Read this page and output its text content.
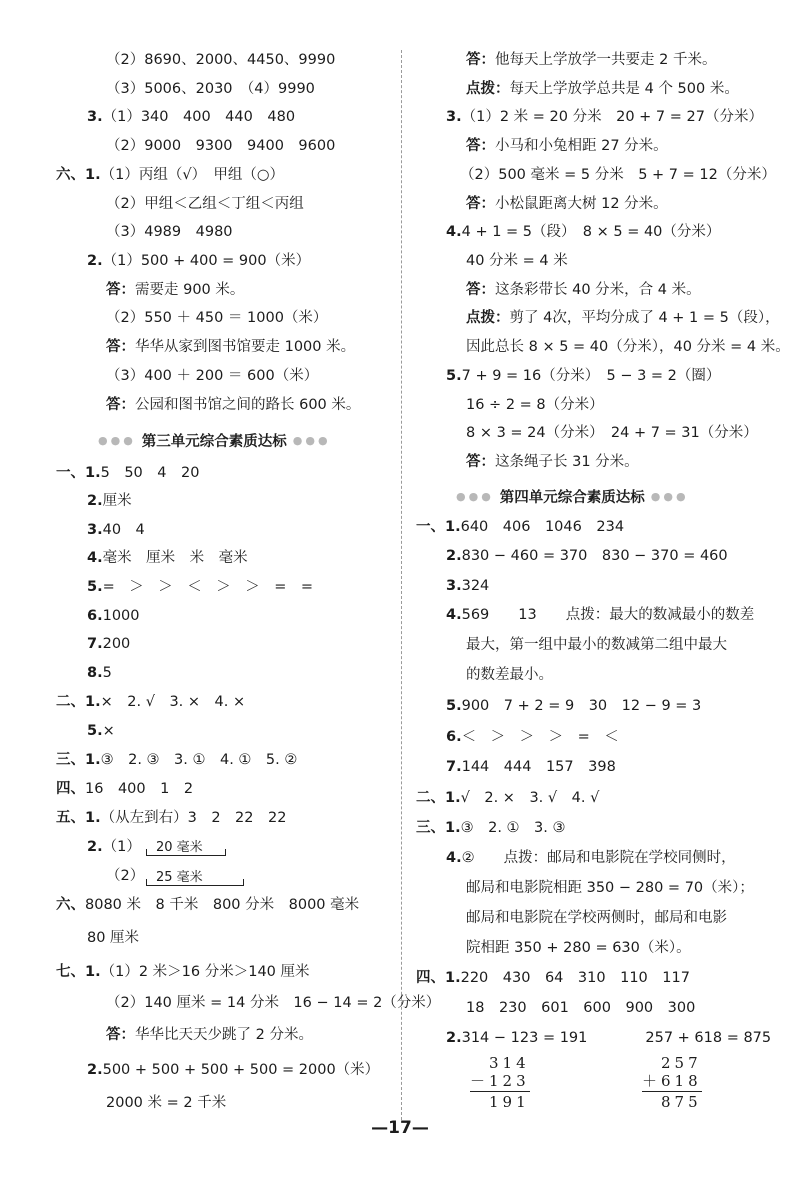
（2）8690、2000、4450、9990
（3）5006、2030　（4）9990
3.（1）340　400　440　480
（2）9000　9300　9400　9600
六、1.（1）丙组（√）　甲组（○）
（2）甲组＜乙组＜丁组＜丙组
（3）4989　4980
2.（1）500 + 400 = 900（米）
答：需要走 900 米。
（2）550 ＋ 450 ＝ 1000（米）
答：华华从家到图书馆要走 1000 米。
（3）400 ＋ 200 ＝ 600（米）
答：公园和图书馆之间的路长 600 米。
一、1.5　50　4　20
2.厘米
3.40　4
4.毫米　厘米　米　毫米
5.=　＞　＞　＜　＞　＞　=　=
6.1000
7.200
8.5
二、1.×　2. √　3. ×　4. ×
5.×
三、1.③　2. ③　3. ①　4. ①　5. ②
四、16　400　1　2
五、1.（从左到右）3　2　22　22
2.（1）
（2）
六、8080 米　8 千米　800 分米　8000 毫米
80 厘米
七、1.（1）2 米＞16 分米＞140 厘米
（2）140 厘米 = 14 分米　16 − 14 = 2（分米）
答：华华比天天少跳了 2 分米。
2.500 + 500 + 500 + 500 = 2000（米）
2000 米 = 2 千米
答：他每天上学放学一共要走 2 千米。
点拨：每天上学放学总共是 4 个 500 米。
3.（1）2 米 = 20 分米　20 + 7 = 27（分米）
答：小马和小兔相距 27 分米。
（2）500 毫米 = 5 分米　5 + 7 = 12（分米）
答：小松鼠距离大树 12 分米。
4.4 + 1 = 5（段）　8 × 5 = 40（分米）
40 分米 = 4 米
答：这条彩带长 40 分米，合 4 米。
点拨：剪了 4次，平均分成了 4 + 1 = 5（段），
因此总长 8 × 5 = 40（分米），40 分米 = 4 米。
5.7 + 9 = 16（分米）　5 − 3 = 2（圈）
16 ÷ 2 = 8（分米）
8 × 3 = 24（分米）　24 + 7 = 31（分米）
答：这条绳子长 31 分米。
一、1.640　406　1046　234
2.830 − 460 = 370　830 − 370 = 460
3.324
4.569　　13　　点拨：最大的数减最小的数差
最大，第一组中最小的数减第二组中最大
的数差最小。
5.900　7 + 2 = 9　30　12 − 9 = 3
6.＜　＞　＞　＞　=　＜
7.144　444　157　398
二、1.√　2. ×　3. √　4. √
三、1.③　2. ①　3. ③
4.②　　点拨：邮局和电影院在学校同侧时，
邮局和电影院相距 350 − 280 = 70（米）；
邮局和电影院在学校两侧时，邮局和电影
院相距 350 + 280 = 630（米）。
四、1.220　430　64　310　110　117
18　230　601　600　900　300
2.314 − 123 = 191　　　　257 + 618 = 875
●●● 第三单元综合素质达标 ●●●
●●● 第四单元综合素质达标 ●●●
20 毫米
25 毫米
314
－123
191
257
＋618
875
—17—
